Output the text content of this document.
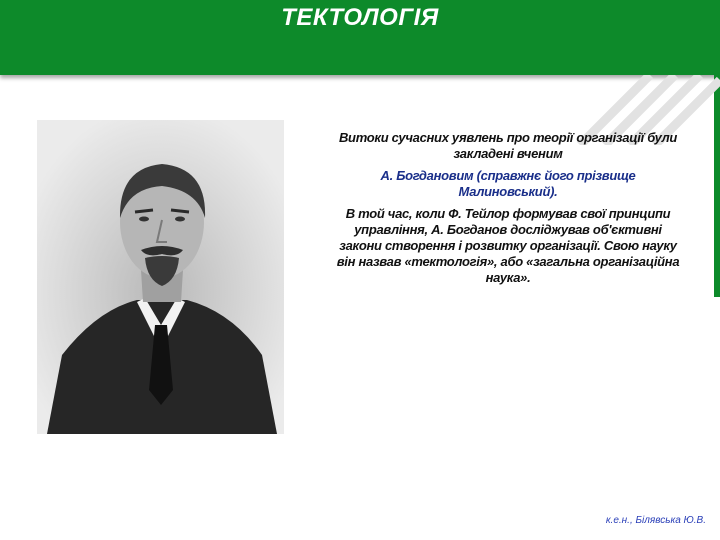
ТЕКТОЛОГІЯ

Витоки сучасних уявлень про теорії організації були закладені вченим

А. Богдановим (справжнє його прізвище Малиновський).

В той час, коли Ф. Тейлор формував свої принципи управління, А. Богданов досліджував об'єктивні закони створення і розвитку організації. Свою науку він назвав «тектологія», або «загальна організаційна наука».

к.е.н., Білявська Ю.В.
